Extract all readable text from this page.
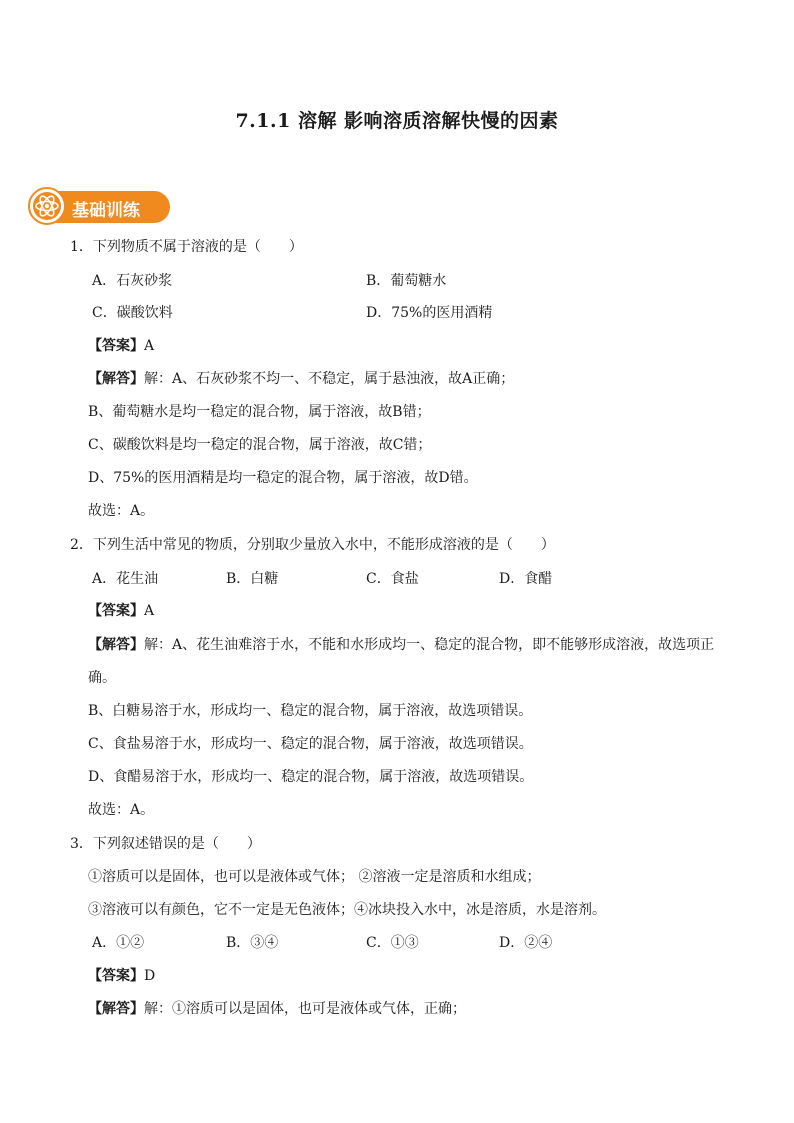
7.1.1 溶解 影响溶质溶解快慢的因素
基础训练
1．下列物质不属于溶液的是（　　）
A．石灰砂浆	B．葡萄糖水
C．碳酸饮料	D．75%的医用酒精
【答案】A
【解答】解：A、石灰砂浆不均一、不稳定，属于悬浊液，故A正确；
B、葡萄糖水是均一稳定的混合物，属于溶液，故B错；
C、碳酸饮料是均一稳定的混合物，属于溶液，故C错；
D、75%的医用酒精是均一稳定的混合物，属于溶液，故D错。
故选：A。
2．下列生活中常见的物质，分别取少量放入水中，不能形成溶液的是（　　）
A．花生油	B．白糖	C．食盐	D．食醋
【答案】A
【解答】解：A、花生油难溶于水，不能和水形成均一、稳定的混合物，即不能够形成溶液，故选项正
确。
B、白糖易溶于水，形成均一、稳定的混合物，属于溶液，故选项错误。
C、食盐易溶于水，形成均一、稳定的混合物，属于溶液，故选项错误。
D、食醋易溶于水，形成均一、稳定的混合物，属于溶液，故选项错误。
故选：A。
3．下列叙述错误的是（　　）
①溶质可以是固体，也可以是液体或气体； ②溶液一定是溶质和水组成；
③溶液可以有颜色，它不一定是无色液体；④冰块投入水中，冰是溶质，水是溶剂。
A．①②	B．③④	C．①③	D．②④
【答案】D
【解答】解：①溶质可以是固体，也可是液体或气体，正确；
